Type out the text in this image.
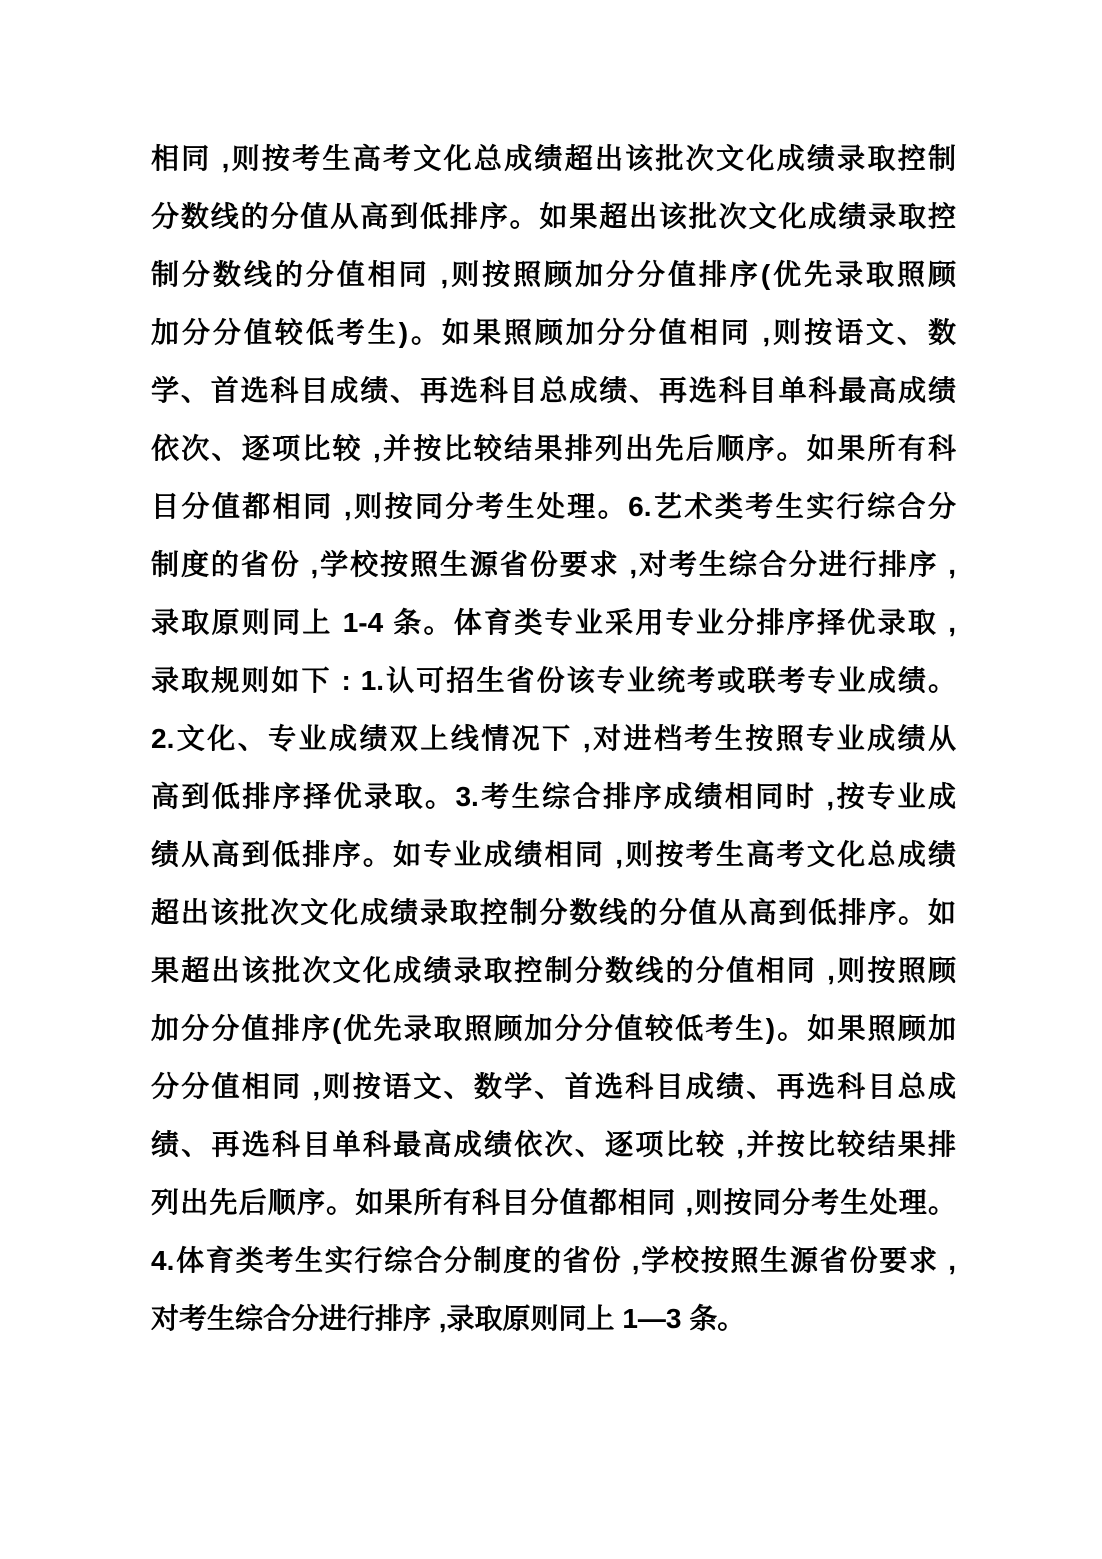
相同 ,则按考生高考文化总成绩超出该批次文化成绩录取控制
分数线的分值从高到低排序。如果超出该批次文化成绩录取控
制分数线的分值相同 ,则按照顾加分分值排序(优先录取照顾
加分分值较低考生)。如果照顾加分分值相同 ,则按语文、数
学、首选科目成绩、再选科目总成绩、再选科目单科最高成绩
依次、逐项比较 ,并按比较结果排列出先后顺序。如果所有科
目分值都相同 ,则按同分考生处理。6.艺术类考生实行综合分
制度的省份 ,学校按照生源省份要求 ,对考生综合分进行排序 ,
录取原则同上 1-4 条。体育类专业采用专业分排序择优录取 ,
录取规则如下 : 1.认可招生省份该专业统考或联考专业成绩。
2.文化、专业成绩双上线情况下 ,对进档考生按照专业成绩从
高到低排序择优录取。3.考生综合排序成绩相同时 ,按专业成
绩从高到低排序。如专业成绩相同 ,则按考生高考文化总成绩
超出该批次文化成绩录取控制分数线的分值从高到低排序。如
果超出该批次文化成绩录取控制分数线的分值相同 ,则按照顾
加分分值排序(优先录取照顾加分分值较低考生)。如果照顾加
分分值相同 ,则按语文、数学、首选科目成绩、再选科目总成
绩、再选科目单科最高成绩依次、逐项比较 ,并按比较结果排
列出先后顺序。如果所有科目分值都相同 ,则按同分考生处理。
4.体育类考生实行综合分制度的省份 ,学校按照生源省份要求 ,
对考生综合分进行排序 ,录取原则同上 1—3 条。
